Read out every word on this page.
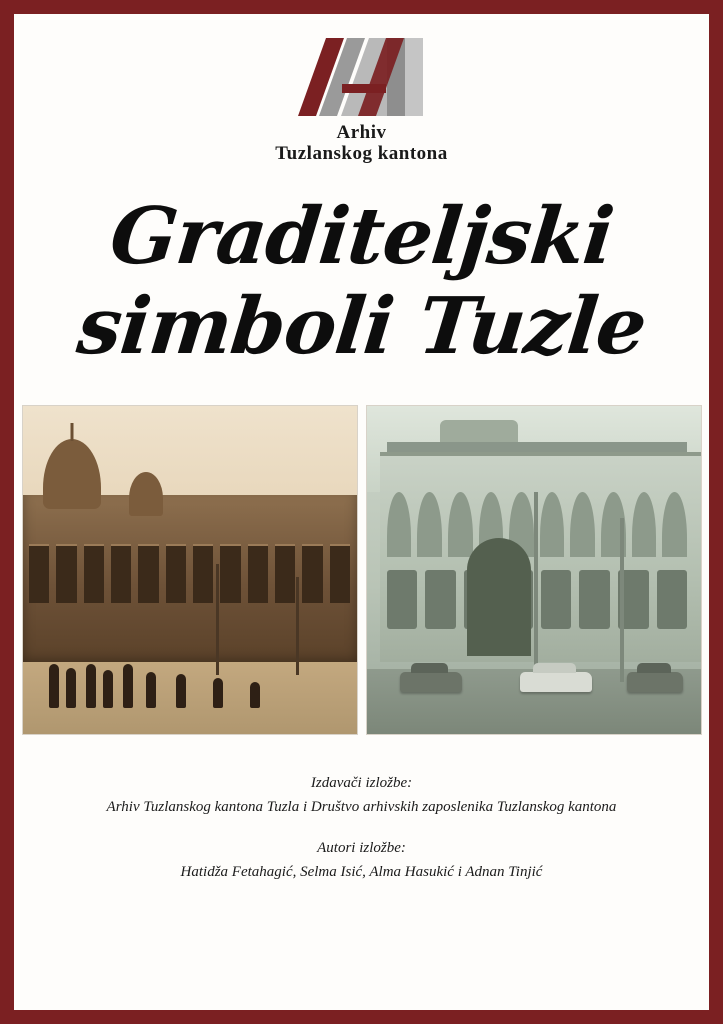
Arhiv
Tuzlanskog kantona
Graditeljski
simboli Tuzle
Izdavači izložbe:
Arhiv Tuzlanskog kantona Tuzla i Društvo arhivskih zaposlenika Tuzlanskog kantona
Autori izložbe:
Hatidža Fetahagić, Selma Isić, Alma Hasukić i Adnan Tinjić
